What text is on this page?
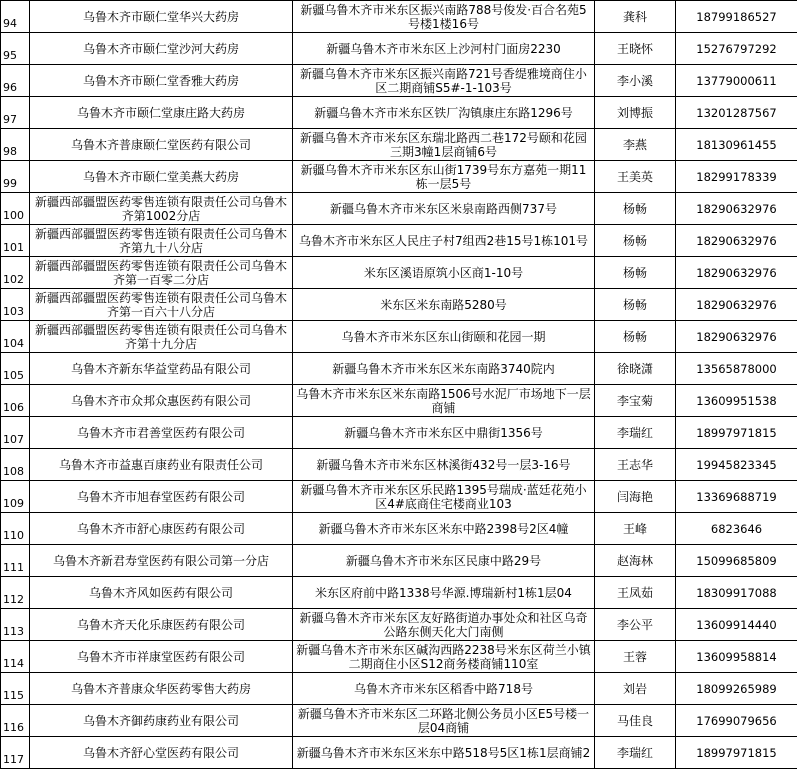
94	乌鲁木齐市颐仁堂华兴大药房	新疆乌鲁木齐市米东区振兴南路788号俊发·百合名苑5号楼1楼16号	龚科	18799186527
95	乌鲁木齐市颐仁堂沙河大药房	新疆乌鲁木齐市米东区上沙河村门面房2230	王晓怀	15276797292
96	乌鲁木齐市颐仁堂香雅大药房	新疆乌鲁木齐市米东区振兴南路721号香缇雅境商住小区二期商铺S5#-1-103号	李小溪	13779000611
97	乌鲁木齐市颐仁堂康庄路大药房	新疆乌鲁木齐市米东区铁厂沟镇康庄东路1296号	刘博振	13201287567
98	乌鲁木齐普康颐仁堂医药有限公司	新疆乌鲁木齐市米东区东瑞北路西二巷172号颐和花园三期3幢1层商铺6号	李燕	18130961455
99	乌鲁木齐市颐仁堂美燕大药房	新疆乌鲁木齐市米东区东山街1739号东方嘉苑一期11栋一层5号	王美英	18299178339
100	新疆西部疆盟医药零售连锁有限责任公司乌鲁木齐第1002分店	新疆乌鲁木齐市米东区米泉南路西侧737号	杨畅	18290632976
101	新疆西部疆盟医药零售连锁有限责任公司乌鲁木齐第九十八分店	乌鲁木齐市米东区人民庄子村7组西2巷15号1栋101号	杨畅	18290632976
102	新疆西部疆盟医药零售连锁有限责任公司乌鲁木齐第一百零二分店	米东区溪语原筑小区商1-10号	杨畅	18290632976
103	新疆西部疆盟医药零售连锁有限责任公司乌鲁木齐第一百六十八分店	米东区米东南路5280号	杨畅	18290632976
104	新疆西部疆盟医药零售连锁有限责任公司乌鲁木齐第十九分店	乌鲁木齐市米东区东山街颐和花园一期	杨畅	18290632976
105	乌鲁木齐新东华益堂药品有限公司	新疆乌鲁木齐市米东区米东南路3740院内	徐晓潇	13565878000
106	乌鲁木齐市众邦众惠医药有限公司	乌鲁木齐市米东区米东南路1506号水泥厂市场地下一层商铺	李宝菊	13609951538
107	乌鲁木齐市君善堂医药有限公司	新疆乌鲁木齐市米东区中鼎街1356号	李瑞红	18997971815
108	乌鲁木齐市益惠百康药业有限责任公司	新疆乌鲁木齐市米东区林溪街432号一层3-16号	王志华	19945823345
109	乌鲁木齐市旭春堂医药有限公司	新疆乌鲁木齐市米东区乐民路1395号瑞成·蓝廷花苑小区4#底商住宅楼商业103	闫海艳	13369688719
110	乌鲁木齐市舒心康医药有限公司	新疆乌鲁木齐市米东区米东中路2398号2区4幢	王峰	6823646
111	乌鲁木齐新君寿堂医药有限公司第一分店	新疆乌鲁木齐市米东区民康中路29号	赵海林	15099685809
112	乌鲁木齐风如医药有限公司	米东区府前中路1338号华源.博瑞新村1栋1层04	王凤茹	18309917088
113	乌鲁木齐天化乐康医药有限公司	新疆乌鲁木齐市米东区友好路街道办事处众和社区乌奇公路东侧天化大门南侧	李公平	13609914440
114	乌鲁木齐市祥康堂医药有限公司	新疆乌鲁木齐市米东区碱沟西路2238号米东区荷兰小镇二期商住小区S12商务楼商铺110室	王蓉	13609958814
115	乌鲁木齐普康众华医药零售大药房	乌鲁木齐市米东区稻香中路718号	刘岩	18099265989
116	乌鲁木齐御药康药业有限公司	新疆乌鲁木齐市米东区二环路北侧公务员小区E5号楼一层04商铺	马佳良	17699079656
117	乌鲁木齐舒心堂医药有限公司	新疆乌鲁木齐市米东区米东中路518号5区1栋1层商铺2	李瑞红	18997971815
